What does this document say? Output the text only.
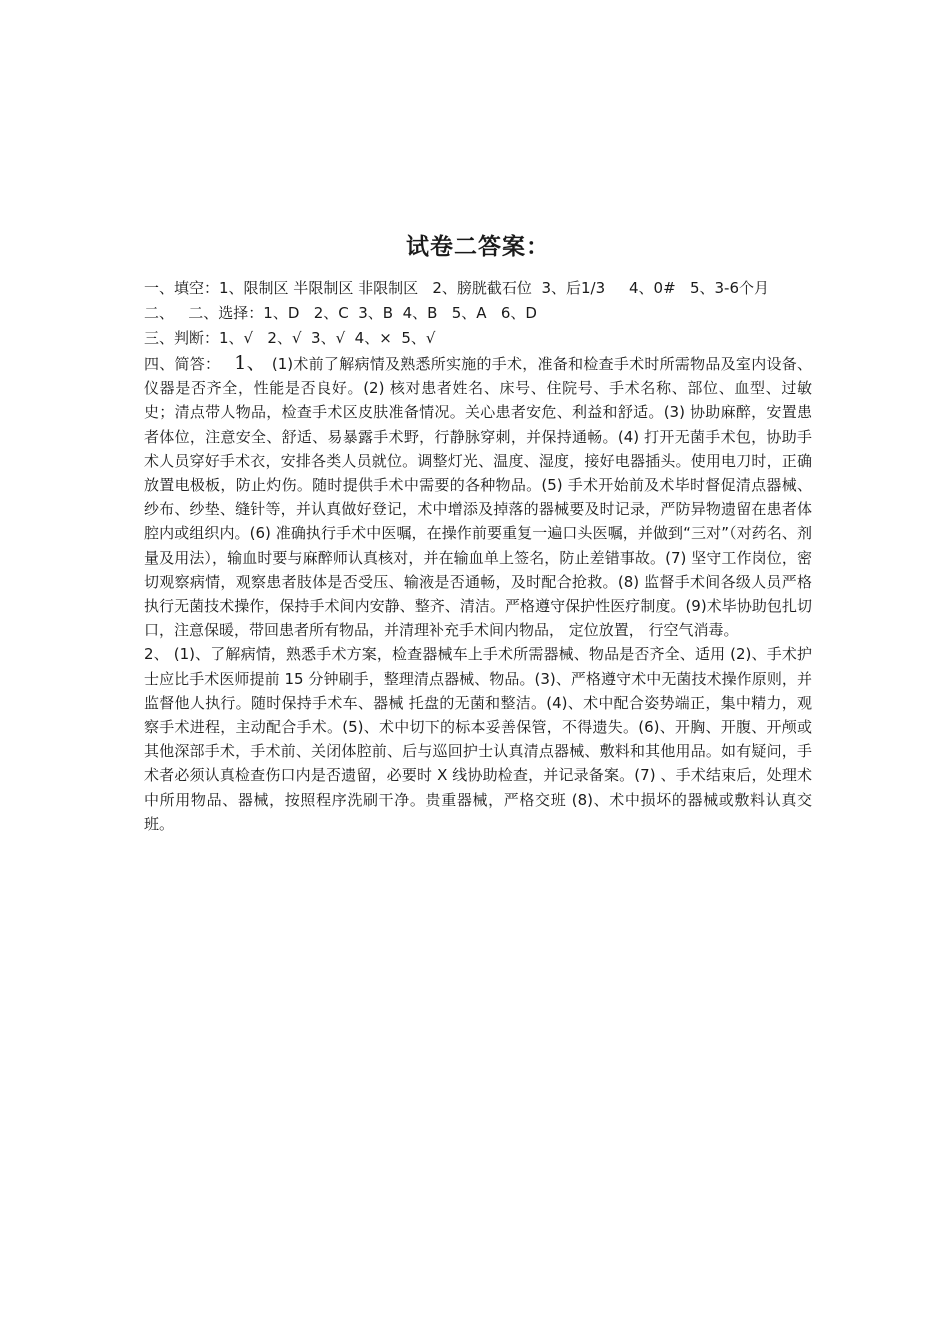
试卷二答案：
一、填空：1、限制区 半限制区 非限制区   2、膀胱截石位  3、后1/3     4、0#   5、3-6个月
二、   二、选择：1、D   2、C  3、B  4、B   5、A   6、D
三、判断：1、√   2、√  3、√  4、×  5、√

四、简答： 1、 (1)术前了解病情及熟悉所实施的手术，准备和检查手术时所需物品及室内设备、仪器是否齐全，性能是否良好。(2) 核对患者姓名、床号、住院号、手术名称、部位、血型、过敏史；清点带人物品，检查手术区皮肤准备情况。关心患者安危、利益和舒适。(3) 协助麻醉，安置患者体位，注意安全、舒适、易暴露手术野，行静脉穿刺，并保持通畅。(4) 打开无菌手术包，协助手术人员穿好手术衣，安排各类人员就位。调整灯光、温度、湿度，接好电器插头。使用电刀时，正确放置电极板，防止灼伤。随时提供手术中需要的各种物品。(5) 手术开始前及术毕时督促清点器械、纱布、纱垫、缝针等，并认真做好登记，术中增添及掉落的器械要及时记录，严防异物遗留在患者体腔内或组织内。(6) 准确执行手术中医嘱，在操作前要重复一遍口头医嘱，并做到“三对”（对药名、剂量及用法），输血时要与麻醉师认真核对，并在输血单上签名，防止差错事故。(7) 坚守工作岗位，密切观察病情，观察患者肢体是否受压、输液是否通畅，及时配合抢救。(8) 监督手术间各级人员严格执行无菌技术操作，保持手术间内安静、整齐、清洁。严格遵守保护性医疗制度。(9)术毕协助包扎切口，注意保暖，带回患者所有物品，并清理补充手术间内物品， 定位放置， 行空气消毒。

2、 (1)、了解病情，熟悉手术方案，检查器械车上手术所需器械、物品是否齐全、适用 (2)、手术护士应比手术医师提前 15 分钟刷手，整理清点器械、物品。(3)、严格遵守术中无菌技术操作原则，并监督他人执行。随时保持手术车、器械 托盘的无菌和整洁。(4)、术中配合姿势端正，集中精力，观察手术进程，主动配合手术。(5)、术中切下的标本妥善保管，不得遗失。(6)、开胸、开腹、开颅或其他深部手术，手术前、关闭体腔前、后与巡回护士认真清点器械、敷料和其他用品。如有疑问，手术者必须认真检查伤口内是否遗留，必要时 X 线协助检查，并记录备案。(7) 、手术结束后，处理术中所用物品、器械，按照程序洗刷干净。贵重器械，严格交班 (8)、术中损坏的器械或敷料认真交班。
